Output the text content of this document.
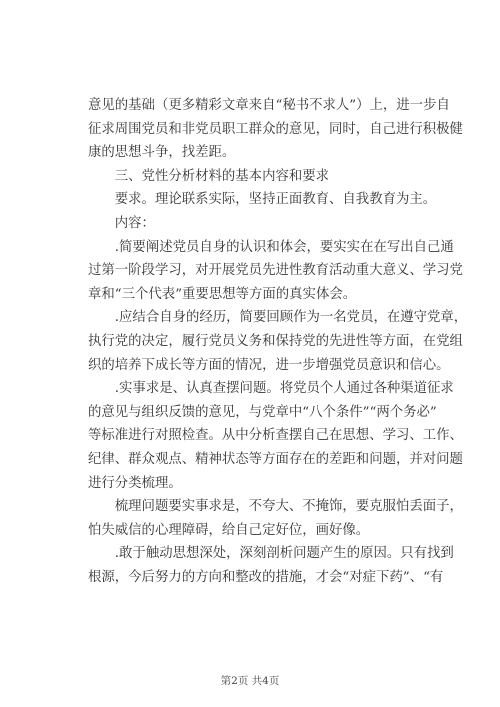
意见的基础（更多精彩文章来自“秘书不求人”）上，进一步自
征求周围党员和非党员职工群众的意见，同时，自己进行积极健
康的思想斗争，找差距。
　　三、党性分析材料的基本内容和要求
　　要求。理论联系实际，坚持正面教育、自我教育为主。
　　内容：
　　.简要阐述党员自身的认识和体会，要实实在在写出自己通
过第一阶段学习，对开展党员先进性教育活动重大意义、学习党
章和“三个代表”重要思想等方面的真实体会。
　　.应结合自身的经历，简要回顾作为一名党员，在遵守党章，
执行党的决定，履行党员义务和保持党的先进性等方面，在党组
织的培养下成长等方面的情况，进一步增强党员意识和信心。
　　.实事求是、认真查摆问题。将党员个人通过各种渠道征求
的意见与组织反馈的意见，与党章中“八个条件”“两个务必”
等标准进行对照检查。从中分析查摆自己在思想、学习、工作、
纪律、群众观点、精神状态等方面存在的差距和问题，并对问题
进行分类梳理。
　　梳理问题要实事求是，不夸大、不掩饰，要克服怕丢面子，
怕失威信的心理障碍，给自己定好位，画好像。
　　.敢于触动思想深处，深刻剖析问题产生的原因。只有找到
根源，今后努力的方向和整改的措施，才会“对症下药”、“有
第2页 共4页
